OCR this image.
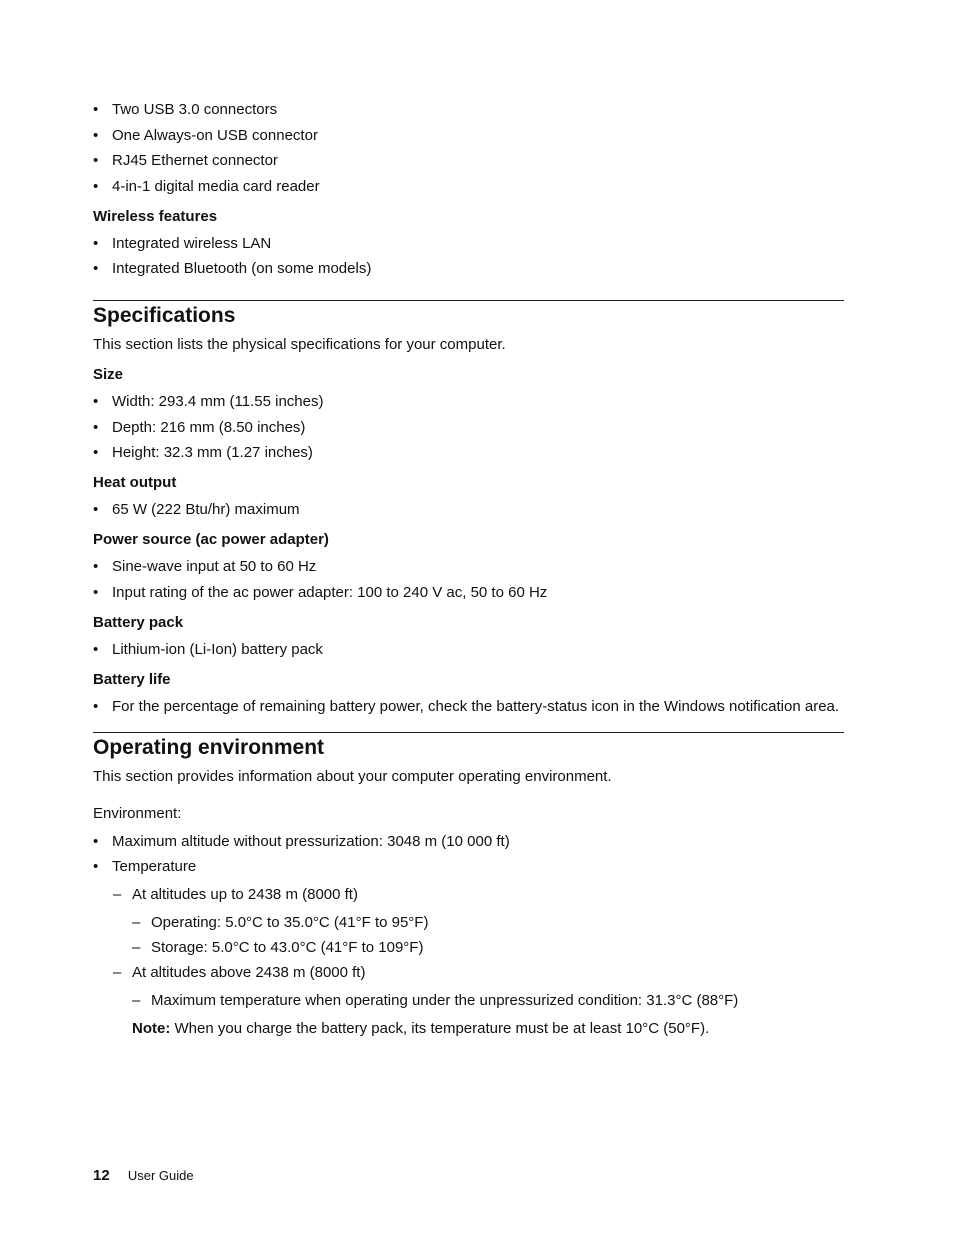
• Two USB 3.0 connectors
• One Always-on USB connector
• RJ45 Ethernet connector
• 4-in-1 digital media card reader
Wireless features
• Integrated wireless LAN
• Integrated Bluetooth (on some models)
Specifications
This section lists the physical specifications for your computer.
Size
• Width: 293.4 mm (11.55 inches)
• Depth: 216 mm (8.50 inches)
• Height: 32.3 mm (1.27 inches)
Heat output
• 65 W (222 Btu/hr) maximum
Power source (ac power adapter)
• Sine-wave input at 50 to 60 Hz
• Input rating of the ac power adapter: 100 to 240 V ac, 50 to 60 Hz
Battery pack
• Lithium-ion (Li-Ion) battery pack
Battery life
• For the percentage of remaining battery power, check the battery-status icon in the Windows notification area.
Operating environment
This section provides information about your computer operating environment.
Environment:
• Maximum altitude without pressurization: 3048 m (10 000 ft)
• Temperature
– At altitudes up to 2438 m (8000 ft)
– Operating: 5.0°C to 35.0°C (41°F to 95°F)
– Storage: 5.0°C to 43.0°C (41°F to 109°F)
– At altitudes above 2438 m (8000 ft)
– Maximum temperature when operating under the unpressurized condition: 31.3°C (88°F)
Note: When you charge the battery pack, its temperature must be at least 10°C (50°F).
12 User Guide
